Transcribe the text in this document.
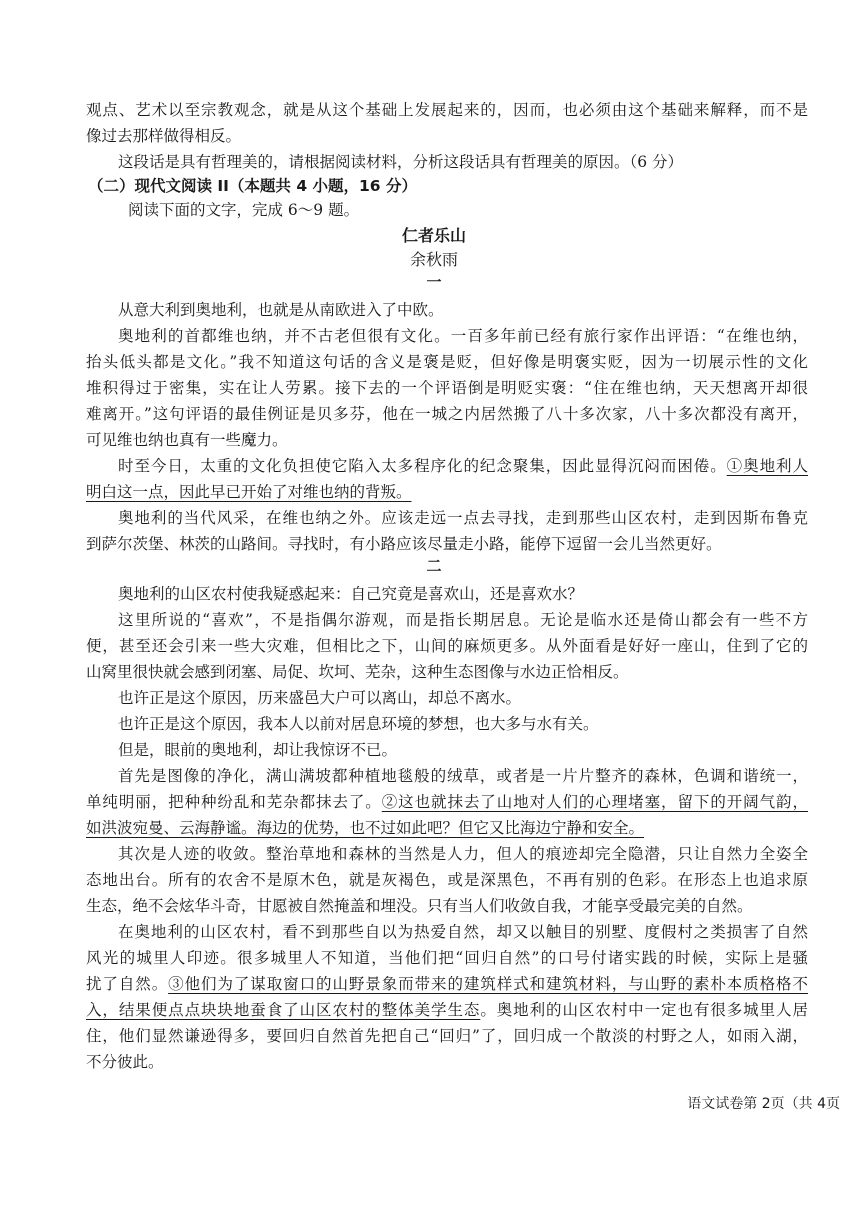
观点、艺术以至宗教观念，就是从这个基础上发展起来的，因而，也必须由这个基础来解释，而不是
像过去那样做得相反。
这段话是具有哲理美的，请根据阅读材料，分析这段话具有哲理美的原因。（6 分）
（二）现代文阅读 II（本题共 4 小题，16 分）
阅读下面的文字，完成 6～9 题。
仁者乐山
余秋雨
一
从意大利到奥地利，也就是从南欧进入了中欧。
奥地利的首都维也纳，并不古老但很有文化。一百多年前已经有旅行家作出评语：“在维也纳，
抬头低头都是文化。”我不知道这句话的含义是褒是贬，但好像是明褒实贬，因为一切展示性的文化
堆积得过于密集，实在让人劳累。接下去的一个评语倒是明贬实褒：“住在维也纳，天天想离开却很
难离开。”这句评语的最佳例证是贝多芬，他在一城之内居然搬了八十多次家，八十多次都没有离开，
可见维也纳也真有一些魔力。
时至今日，太重的文化负担使它陷入太多程序化的纪念聚集，因此显得沉闷而困倦。①奥地利人
明白这一点，因此早已开始了对维也纳的背叛。
奥地利的当代风采，在维也纳之外。应该走远一点去寻找，走到那些山区农村，走到因斯布鲁克
到萨尔茨堡、林茨的山路间。寻找时，有小路应该尽量走小路，能停下逗留一会儿当然更好。
二
奥地利的山区农村使我疑惑起来：自己究竟是喜欢山，还是喜欢水？
这里所说的“喜欢”，不是指偶尔游观，而是指长期居息。无论是临水还是倚山都会有一些不方
便，甚至还会引来一些大灾难，但相比之下，山间的麻烦更多。从外面看是好好一座山，住到了它的
山窝里很快就会感到闭塞、局促、坎坷、芜杂，这种生态图像与水边正恰相反。
也许正是这个原因，历来盛邑大户可以离山，却总不离水。
也许正是这个原因，我本人以前对居息环境的梦想，也大多与水有关。
但是，眼前的奥地利，却让我惊讶不已。
首先是图像的净化，满山满坡都种植地毯般的绒草，或者是一片片整齐的森林，色调和谐统一，
单纯明丽，把种种纷乱和芜杂都抹去了。②这也就抹去了山地对人们的心理堵塞，留下的开阔气韵，
如洪波宛曼、云海静谧。海边的优势，也不过如此吧？但它又比海边宁静和安全。
其次是人迹的收敛。整治草地和森林的当然是人力，但人的痕迹却完全隐潜，只让自然力全姿全
态地出台。所有的农舍不是原木色，就是灰褐色，或是深黑色，不再有别的色彩。在形态上也追求原
生态，绝不会炫华斗奇，甘愿被自然掩盖和埋没。只有当人们收敛自我，才能享受最完美的自然。
在奥地利的山区农村，看不到那些自以为热爱自然，却又以触目的别墅、度假村之类损害了自然
风光的城里人印迹。很多城里人不知道，当他们把“回归自然”的口号付诸实践的时候，实际上是骚
扰了自然。③他们为了谋取窗口的山野景象而带来的建筑样式和建筑材料，与山野的素朴本质格格不
入，结果便点点块块地蚕食了山区农村的整体美学生态。奥地利的山区农村中一定也有很多城里人居
住，他们显然谦逊得多，要回归自然首先把自己“回归”了，回归成一个散淡的村野之人，如雨入湖，
不分彼此。
语文试卷第 2页（共 4页
